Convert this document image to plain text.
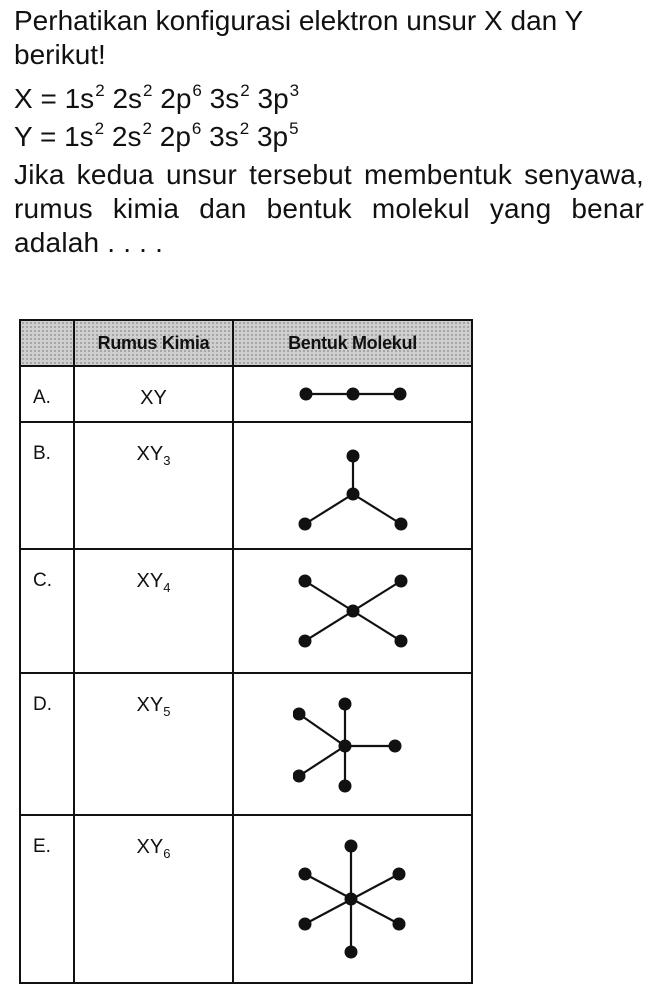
Perhatikan konfigurasi elektron unsur X dan Y berikut!

$X = 1s^2$ $2s^2$ $2p^6$ $3s^2$ $3p^3$

$Y = 1s^2$ $2s^2$ $2p^6$ $3s^2$ $3p^5$

Jika kedua unsur tersebut membentuk senyawa, rumus kimia dan bentuk molekul yang benar adalah . . . .

	Rumus Kimia	Bentuk Molekul
A.	XY	

B.	$XY_3$	

C.	$XY_4$	

D.	$XY_5$	

E.	$XY_6$	
